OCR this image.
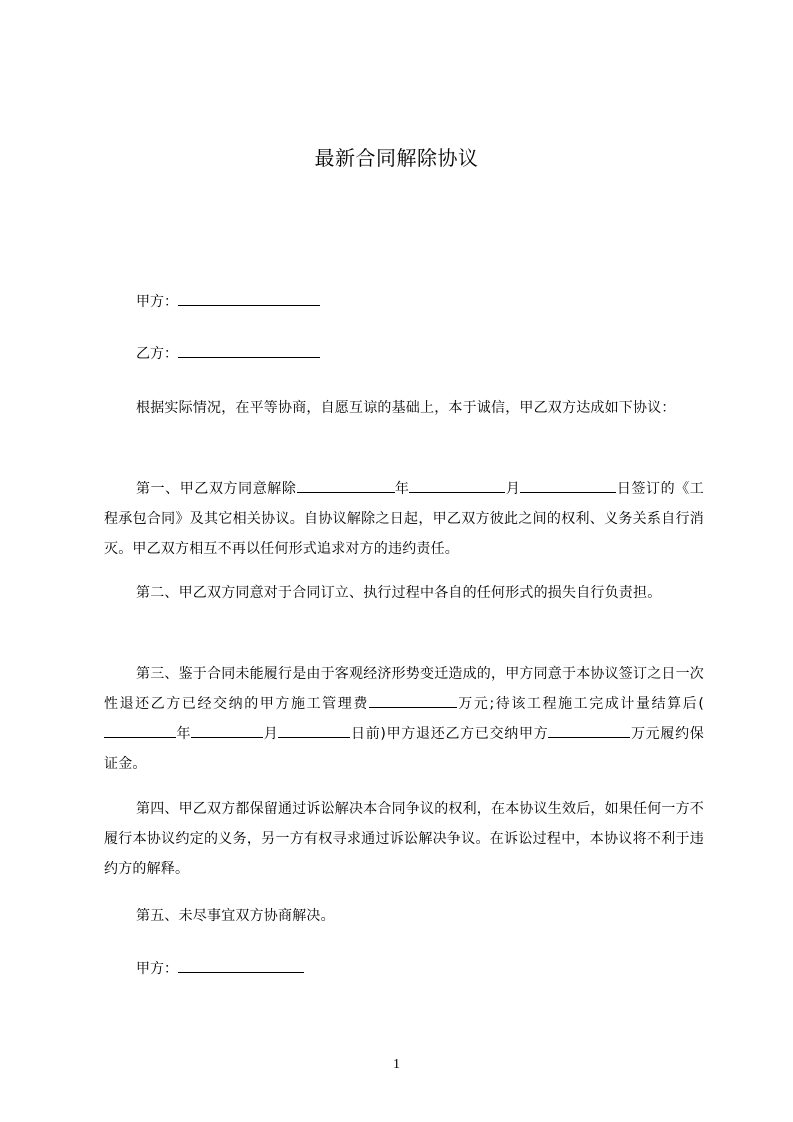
最新合同解除协议
甲方：
乙方：
根据实际情况，在平等协商，自愿互谅的基础上，本于诚信，甲乙双方达成如下协议：
第一、甲乙双方同意解除	年	月	日签订的《工程承包合同》及其它相关协议。自协议解除之日起，甲乙双方彼此之间的权利、义务关系自行消灭。甲乙双方相互不再以任何形式追求对方的违约责任。
第二、甲乙双方同意对于合同订立、执行过程中各自的任何形式的损失自行负责担。
第三、鉴于合同未能履行是由于客观经济形势变迁造成的，甲方同意于本协议签订之日一次性退还乙方已经交纳的甲方施工管理费	万元;待该工程施工完成计量结算后(年	月	日前)甲方退还乙方已交纳甲方	万元履约保证金。
第四、甲乙双方都保留通过诉讼解决本合同争议的权利，在本协议生效后，如果任何一方不履行本协议约定的义务，另一方有权寻求通过诉讼解决争议。在诉讼过程中，本协议将不利于违约方的解释。
第五、未尽事宜双方协商解决。
甲方：
1
